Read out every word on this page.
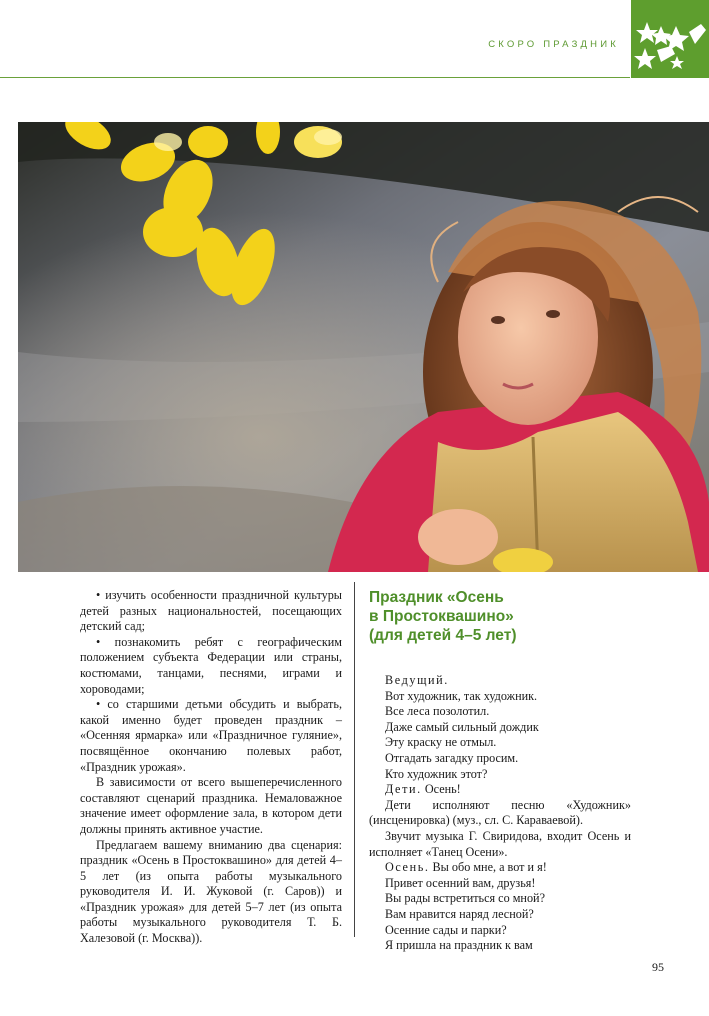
СКОРО ПРАЗДНИК

• изучить особенности праздничной культуры детей разных национальностей, посещающих детский сад;

• познакомить ребят с географическим положением субъекта Федерации или страны, костюмами, танцами, песнями, играми и хороводами;

• со старшими детьми обсудить и выбрать, какой именно будет проведен праздник – «Осенняя ярмарка» или «Праздничное гуляние», посвящённое окончанию полевых работ, «Праздник урожая».

В зависимости от всего вышеперечисленного составляют сценарий праздника. Немаловажное значение имеет оформление зала, в котором дети должны принять активное участие.

Предлагаем вашему вниманию два сценария: праздник «Осень в Простоквашино» для детей 4–5 лет (из опыта работы музыкального руководителя И. И. Жуковой (г. Саров)) и «Праздник урожая» для детей 5–7 лет (из опыта работы музыкального руководителя Т. Б. Халезовой (г. Москва)).

Праздник «Осень

в Простоквашино»

(для детей 4–5 лет)

Ведущий.

Вот художник, так художник.

Все леса позолотил.

Даже самый сильный дождик

Эту краску не отмыл.

Отгадать загадку просим.

Кто художник этот?

Дети. Осень!

Дети исполняют песню «Художник» (инсценировка) (муз., сл. С. Караваевой).

Звучит музыка Г. Свиридова, входит Осень и исполняет «Танец Осени».

Осень. Вы обо мне, а вот и я!

Привет осенний вам, друзья!

Вы рады встретиться со мной?

Вам нравится наряд лесной?

Осенние сады и парки?

Я пришла на праздник к вам

95
